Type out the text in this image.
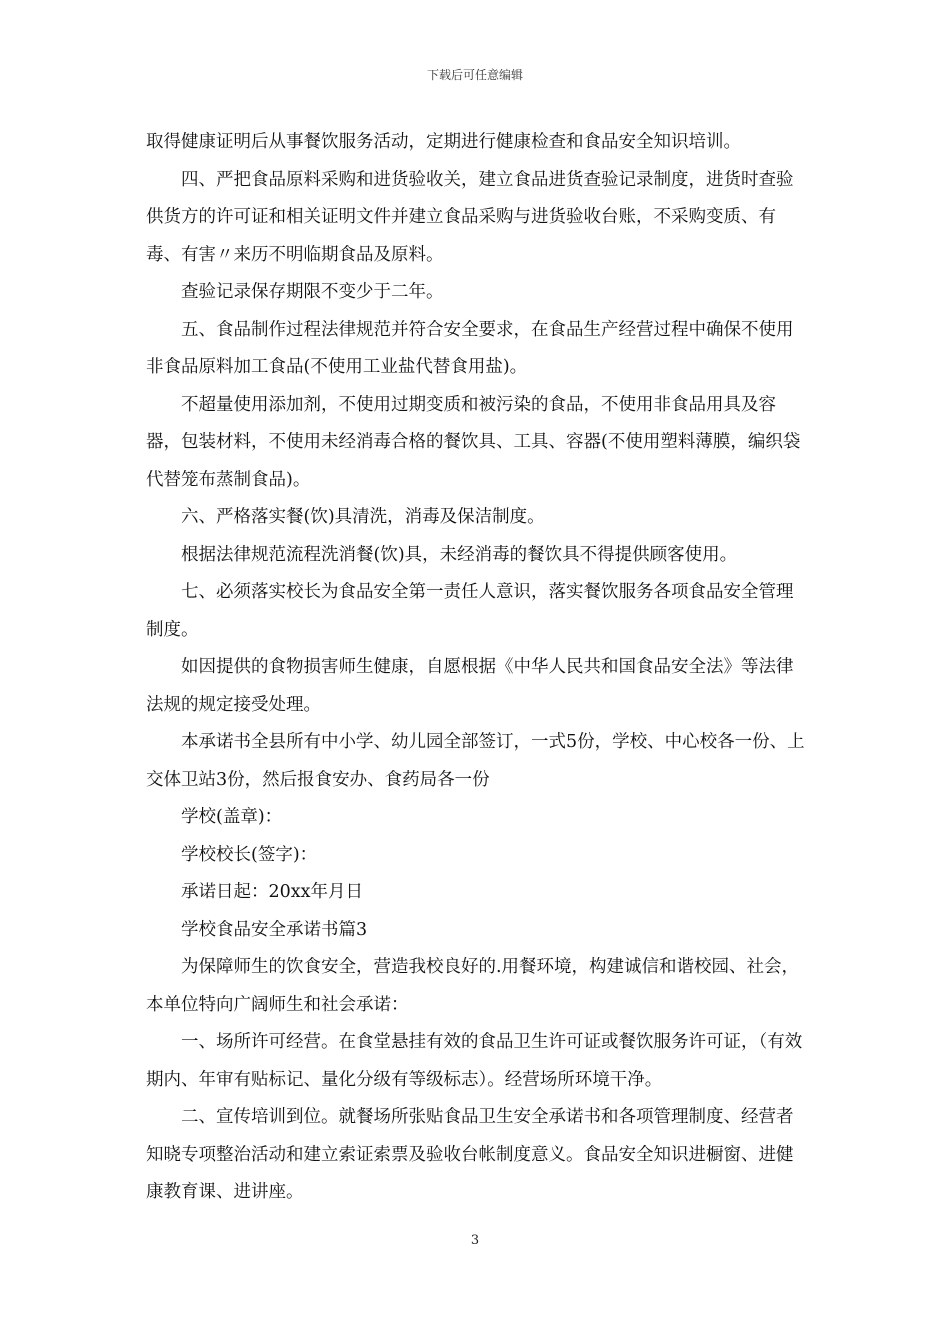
下载后可任意编辑

取得健康证明后从事餐饮服务活动，定期进行健康检查和食品安全知识培训。

四、严把食品原料采购和进货验收关，建立食品进货查验记录制度，进货时查验供货方的许可证和相关证明文件并建立食品采购与进货验收台账，不采购变质、有毒、有害〃来历不明临期食品及原料。

查验记录保存期限不变少于二年。

五、食品制作过程法律规范并符合安全要求，在食品生产经营过程中确保不使用非食品原料加工食品(不使用工业盐代替食用盐)。

不超量使用添加剂，不使用过期变质和被污染的食品，不使用非食品用具及容器，包装材料，不使用未经消毒合格的餐饮具、工具、容器(不使用塑料薄膜，编织袋代替笼布蒸制食品)。

六、严格落实餐(饮)具清洗，消毒及保洁制度。

根据法律规范流程洗消餐(饮)具，未经消毒的餐饮具不得提供顾客使用。

七、必须落实校长为食品安全第一责任人意识，落实餐饮服务各项食品安全管理制度。

如因提供的食物损害师生健康，自愿根据《中华人民共和国食品安全法》等法律法规的规定接受处理。

本承诺书全县所有中小学、幼儿园全部签订，一式5份，学校、中心校各一份、上交体卫站3份，然后报食安办、食药局各一份

学校(盖章)：

学校校长(签字)：

承诺日起：20xx年月日

学校食品安全承诺书篇3

为保障师生的饮食安全，营造我校良好的.用餐环境，构建诚信和谐校园、社会，本单位特向广阔师生和社会承诺：

一、场所许可经营。在食堂悬挂有效的食品卫生许可证或餐饮服务许可证，（有效期内、年审有贴标记、量化分级有等级标志）。经营场所环境干净。

二、宣传培训到位。就餐场所张贴食品卫生安全承诺书和各项管理制度、经营者知晓专项整治活动和建立索证索票及验收台帐制度意义。食品安全知识进橱窗、进健康教育课、进讲座。

3
